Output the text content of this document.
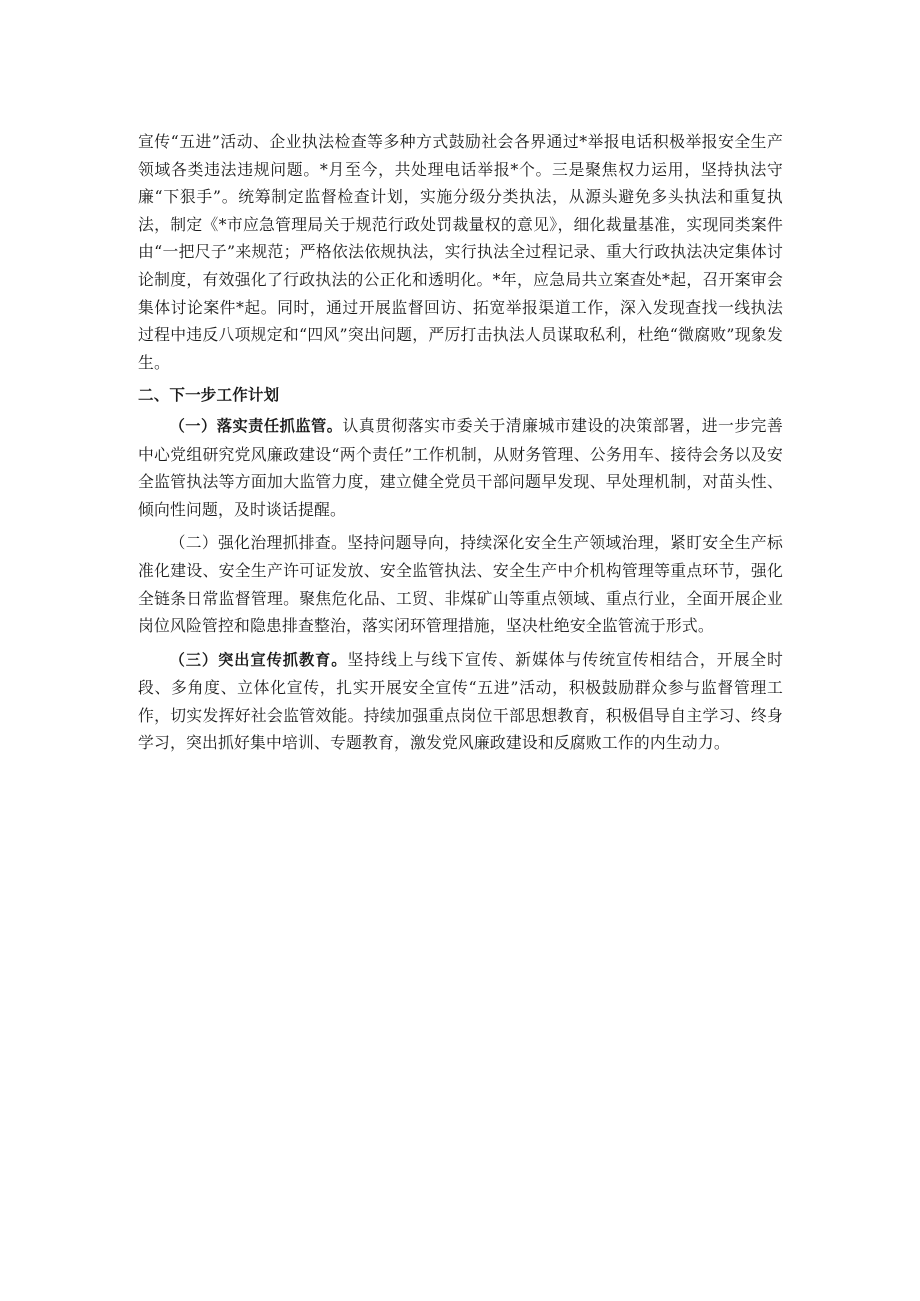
宣传“五进”活动、企业执法检查等多种方式鼓励社会各界通过*举报电话积极举报安全生产领域各类违法违规问题。*月至今，共处理电话举报*个。三是聚焦权力运用，坚持执法守廉“下狠手”。统筹制定监督检查计划，实施分级分类执法，从源头避免多头执法和重复执法，制定《*市应急管理局关于规范行政处罚裁量权的意见》，细化裁量基准，实现同类案件由“一把尺子”来规范；严格依法依规执法，实行执法全过程记录、重大行政执法决定集体讨论制度，有效强化了行政执法的公正化和透明化。*年，应急局共立案查处*起，召开案审会集体讨论案件*起。同时，通过开展监督回访、拓宽举报渠道工作，深入发现查找一线执法过程中违反八项规定和“四风”突出问题，严厉打击执法人员谋取私利，杜绝“微腐败”现象发生。

二、下一步工作计划

（一）落实责任抓监管。认真贯彻落实市委关于清廉城市建设的决策部署，进一步完善中心党组研究党风廉政建设“两个责任”工作机制，从财务管理、公务用车、接待会务以及安全监管执法等方面加大监管力度，建立健全党员干部问题早发现、早处理机制，对苗头性、倾向性问题，及时谈话提醒。

（二）强化治理抓排查。坚持问题导向，持续深化安全生产领域治理，紧盯安全生产标准化建设、安全生产许可证发放、安全监管执法、安全生产中介机构管理等重点环节，强化全链条日常监督管理。聚焦危化品、工贸、非煤矿山等重点领域、重点行业，全面开展企业岗位风险管控和隐患排查整治，落实闭环管理措施，坚决杜绝安全监管流于形式。

（三）突出宣传抓教育。坚持线上与线下宣传、新媒体与传统宣传相结合，开展全时段、多角度、立体化宣传，扎实开展安全宣传“五进”活动，积极鼓励群众参与监督管理工作，切实发挥好社会监管效能。持续加强重点岗位干部思想教育，积极倡导自主学习、终身学习，突出抓好集中培训、专题教育，激发党风廉政建设和反腐败工作的内生动力。
